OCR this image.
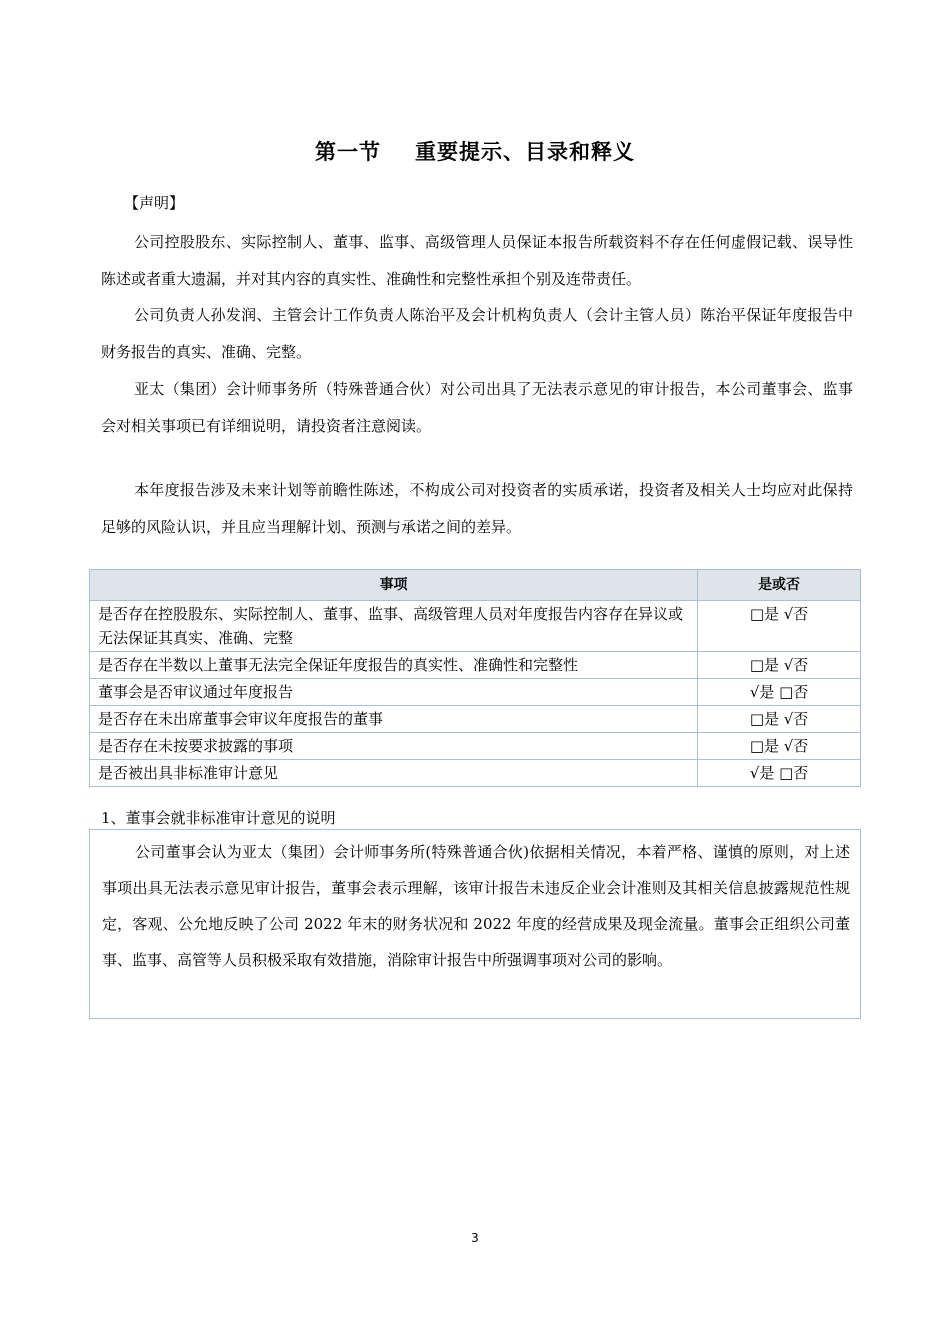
第一节 重要提示、目录和释义
【声明】
公司控股股东、实际控制人、董事、监事、高级管理人员保证本报告所载资料不存在任何虚假记载、误导性陈述或者重大遗漏，并对其内容的真实性、准确性和完整性承担个别及连带责任。
公司负责人孙发润、主管会计工作负责人陈治平及会计机构负责人（会计主管人员）陈治平保证年度报告中财务报告的真实、准确、完整。
亚太（集团）会计师事务所（特殊普通合伙）对公司出具了无法表示意见的审计报告，本公司董事会、监事会对相关事项已有详细说明，请投资者注意阅读。
本年度报告涉及未来计划等前瞻性陈述，不构成公司对投资者的实质承诺，投资者及相关人士均应对此保持足够的风险认识，并且应当理解计划、预测与承诺之间的差异。
事项	是或否
是否存在控股股东、实际控制人、董事、监事、高级管理人员对年度报告内容存在异议或无法保证其真实、准确、完整	□是 √否
是否存在半数以上董事无法完全保证年度报告的真实性、准确性和完整性	□是 √否
董事会是否审议通过年度报告	√是 □否
是否存在未出席董事会审议年度报告的董事	□是 √否
是否存在未按要求披露的事项	□是 √否
是否被出具非标准审计意见	√是 □否
1、董事会就非标准审计意见的说明
公司董事会认为亚太（集团）会计师事务所(特殊普通合伙)依据相关情况，本着严格、谨慎的原则，对上述事项出具无法表示意见审计报告，董事会表示理解，该审计报告未违反企业会计准则及其相关信息披露规范性规定，客观、公允地反映了公司 2022 年末的财务状况和 2022 年度的经营成果及现金流量。董事会正组织公司董事、监事、高管等人员积极采取有效措施，消除审计报告中所强调事项对公司的影响。
3
